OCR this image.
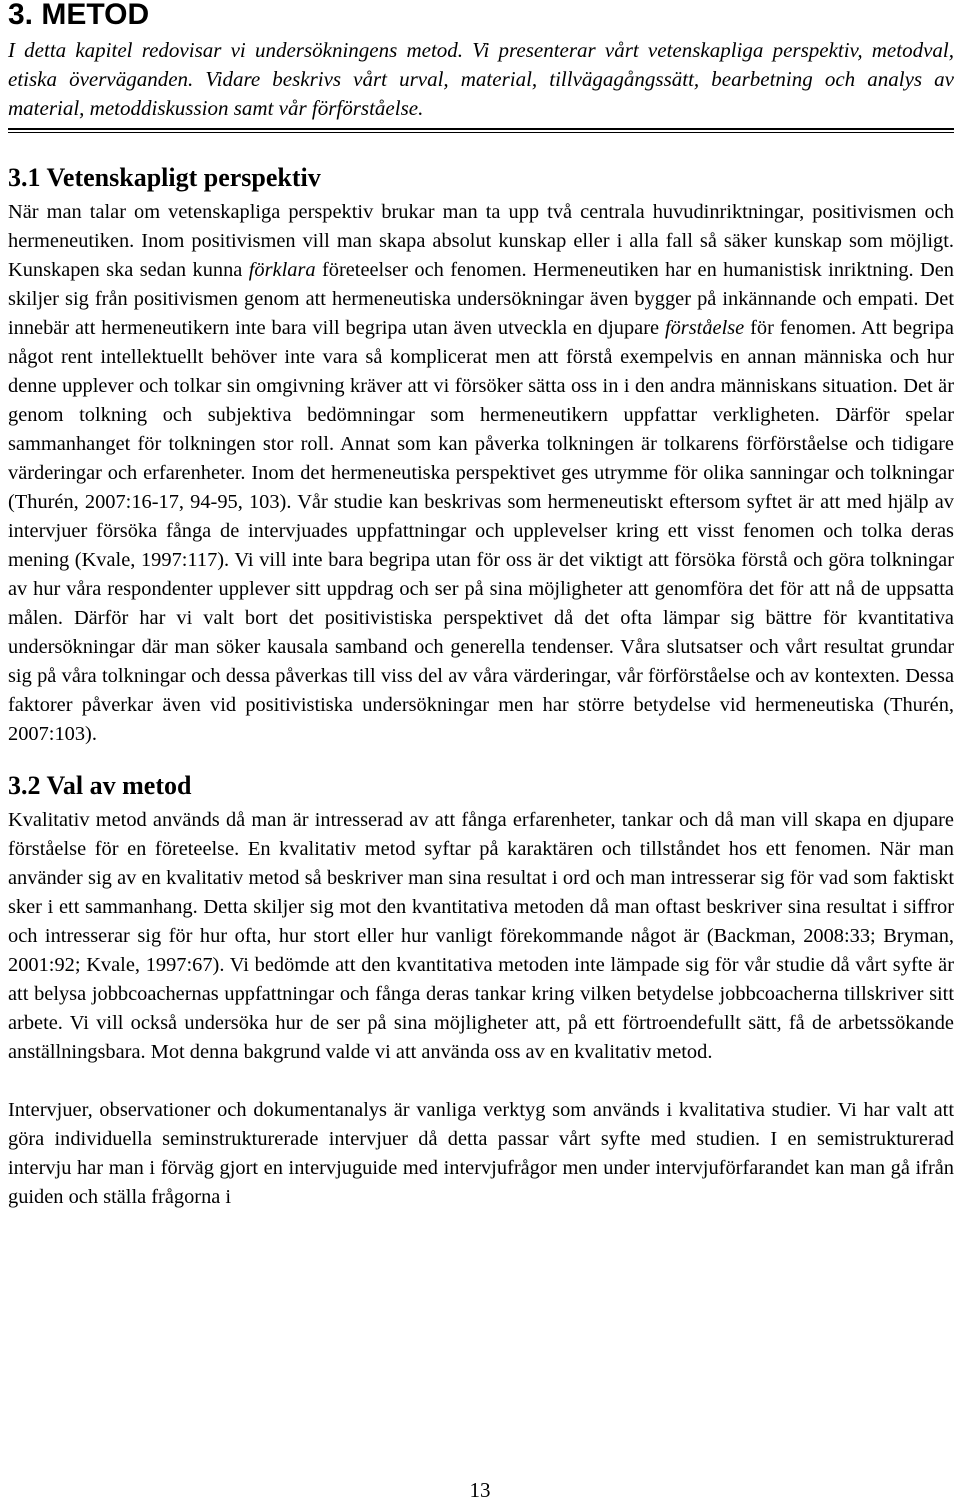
3. METOD

I detta kapitel redovisar vi undersökningens metod. Vi presenterar vårt vetenskapliga perspektiv, metodval, etiska överväganden. Vidare beskrivs vårt urval, material, tillvägagångssätt, bearbetning och analys av material, metoddiskussion samt vår förförståelse.

3.1 Vetenskapligt perspektiv

När man talar om vetenskapliga perspektiv brukar man ta upp två centrala huvudinriktningar, positivismen och hermeneutiken. Inom positivismen vill man skapa absolut kunskap eller i alla fall så säker kunskap som möjligt. Kunskapen ska sedan kunna förklara företeelser och fenomen. Hermeneutiken har en humanistisk inriktning. Den skiljer sig från positivismen genom att hermeneutiska undersökningar även bygger på inkännande och empati. Det innebär att hermeneutikern inte bara vill begripa utan även utveckla en djupare förståelse för fenomen. Att begripa något rent intellektuellt behöver inte vara så komplicerat men att förstå exempelvis en annan människa och hur denne upplever och tolkar sin omgivning kräver att vi försöker sätta oss in i den andra människans situation. Det är genom tolkning och subjektiva bedömningar som hermeneutikern uppfattar verkligheten. Därför spelar sammanhanget för tolkningen stor roll. Annat som kan påverka tolkningen är tolkarens förförståelse och tidigare värderingar och erfarenheter. Inom det hermeneutiska perspektivet ges utrymme för olika sanningar och tolkningar (Thurén, 2007:16-17, 94-95, 103). Vår studie kan beskrivas som hermeneutiskt eftersom syftet är att med hjälp av intervjuer försöka fånga de intervjuades uppfattningar och upplevelser kring ett visst fenomen och tolka deras mening (Kvale, 1997:117). Vi vill inte bara begripa utan för oss är det viktigt att försöka förstå och göra tolkningar av hur våra respondenter upplever sitt uppdrag och ser på sina möjligheter att genomföra det för att nå de uppsatta målen. Därför har vi valt bort det positivistiska perspektivet då det ofta lämpar sig bättre för kvantitativa undersökningar där man söker kausala samband och generella tendenser. Våra slutsatser och vårt resultat grundar sig på våra tolkningar och dessa påverkas till viss del av våra värderingar, vår förförståelse och av kontexten. Dessa faktorer påverkar även vid positivistiska undersökningar men har större betydelse vid hermeneutiska (Thurén, 2007:103).

3.2 Val av metod

Kvalitativ metod används då man är intresserad av att fånga erfarenheter, tankar och då man vill skapa en djupare förståelse för en företeelse. En kvalitativ metod syftar på karaktären och tillståndet hos ett fenomen. När man använder sig av en kvalitativ metod så beskriver man sina resultat i ord och man intresserar sig för vad som faktiskt sker i ett sammanhang. Detta skiljer sig mot den kvantitativa metoden då man oftast beskriver sina resultat i siffror och intresserar sig för hur ofta, hur stort eller hur vanligt förekommande något är (Backman, 2008:33; Bryman, 2001:92; Kvale, 1997:67). Vi bedömde att den kvantitativa metoden inte lämpade sig för vår studie då vårt syfte är att belysa jobbcoachernas uppfattningar och fånga deras tankar kring vilken betydelse jobbcoacherna tillskriver sitt arbete. Vi vill också undersöka hur de ser på sina möjligheter att, på ett förtroendefullt sätt, få de arbetssökande anställningsbara. Mot denna bakgrund valde vi att använda oss av en kvalitativ metod.

Intervjuer, observationer och dokumentanalys är vanliga verktyg som används i kvalitativa studier. Vi har valt att göra individuella seminstrukturerade intervjuer då detta passar vårt syfte med studien. I en semistrukturerad intervju har man i förväg gjort en intervjuguide med intervjufrågor men under intervjuförfarandet kan man gå ifrån guiden och ställa frågorna i

13
